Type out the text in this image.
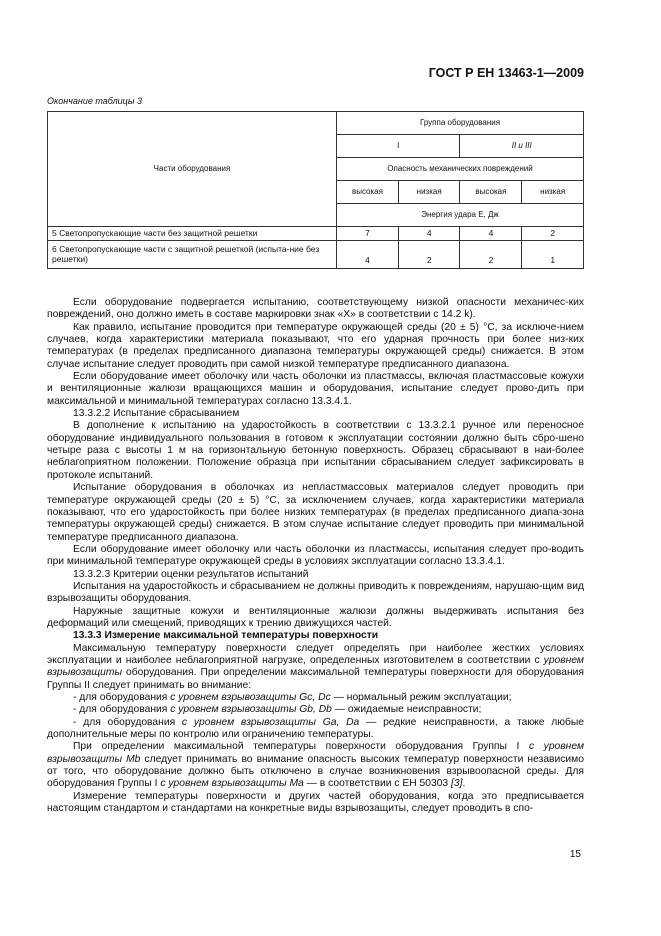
ГОСТ Р ЕН 13463-1—2009
Окончание таблицы 3
Части оборудования	Группа оборудования			
	I		II и III	
	Опасность механических повреждений			
	высокая	низкая	высокая	низкая
	Энергия удара E, Дж			
5 Светопропускающие части без защитной решетки	7	4	4	2
6 Светопропускающие части с защитной решеткой (испыта-ние без решетки)	4	2	2	1

Если оборудование подвергается испытанию, соответствующему низкой опасности механичес-ких повреждений, оно должно иметь в составе маркировки знак «X» в соответствии с 14.2 k).

Как правило, испытание проводится при температуре окружающей среды (20 ± 5) °С, за исключе-нием случаев, когда характеристики материала показывают, что его ударная прочность при более низ-ких температурах (в пределах предписанного диапазона температуры окружающей среды) снижается. В этом случае испытание следует проводить при самой низкой температуре предписанного диапазона.

Если оборудование имеет оболочку или часть оболочки из пластмассы, включая пластмассовые кожухи и вентиляционные жалюзи вращающихся машин и оборудования, испытание следует прово-дить при максимальной и минимальной температурах согласно 13.3.4.1.

13.3.2.2 Испытание сбрасыванием

В дополнение к испытанию на ударостойкость в соответствии с 13.3.2.1 ручное или переносное оборудование индивидуального пользования в готовом к эксплуатации состоянии должно быть сбро-шено четыре раза с высоты 1 м на горизонтальную бетонную поверхность. Образец сбрасывают в наи-более неблагоприятном положении. Положение образца при испытании сбрасыванием следует зафиксировать в протоколе испытаний.

Испытание оборудования в оболочках из непластмассовых материалов следует проводить при температуре окружающей среды (20 ± 5) °С, за исключением случаев, когда характеристики материала показывают, что его ударостойкость при более низких температурах (в пределах предписанного диапа-зона температуры окружающей среды) снижается. В этом случае испытание следует проводить при минимальной температуре предписанного диапазона.

Если оборудование имеет оболочку или часть оболочки из пластмассы, испытания следует про-водить при минимальной температуре окружающей среды в условиях эксплуатации согласно 13.3.4.1.

13.3.2.3 Критерии оценки результатов испытаний

Испытания на ударостойкость и сбрасыванием не должны приводить к повреждениям, нарушаю-щим вид взрывозащиты оборудования.

Наружные защитные кожухи и вентиляционные жалюзи должны выдерживать испытания без деформаций или смещений, приводящих к трению движущихся частей.

13.3.3 Измерение максимальной температуры поверхности

Максимальную температуру поверхности следует определять при наиболее жестких условиях эксплуатации и наиболее неблагоприятной нагрузке, определенных изготовителем в соответствии с уровнем взрывозащиты оборудования. При определении максимальной температуры поверхности для оборудования Группы II следует принимать во внимание:

- для оборудования с уровнем взрывозащиты Gc, Dc — нормальный режим эксплуатации;

- для оборудования с уровнем взрывозащиты Gb, Db — ожидаемые неисправности;

- для оборудования с уровнем взрывозащиты Ga, Da — редкие неисправности, а также любые дополнительные меры по контролю или ограничению температуры.

При определении максимальной температуры поверхности оборудования Группы I с уровнем взрывозащиты Mb следует принимать во внимание опасность высоких температур поверхности независимо от того, что оборудование должно быть отключено в случае возникновения взрывоопасной среды. Для оборудования Группы I с уровнем взрывозащиты Ma — в соответствии с ЕН 50303 [3].

Измерение температуры поверхности и других частей оборудования, когда это предписывается настоящим стандартом и стандартами на конкретные виды взрывозащиты, следует проводить в спо-

15
